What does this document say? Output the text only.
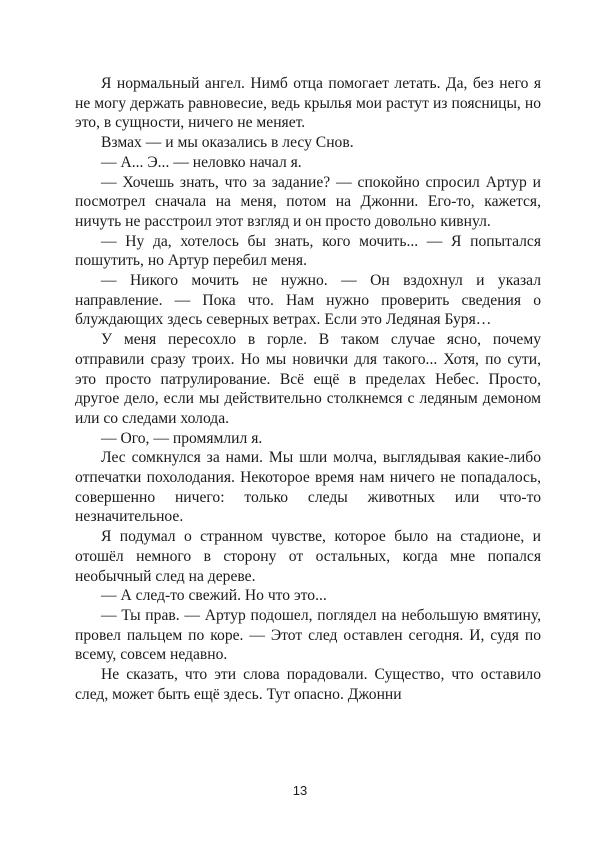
Я нормальный ангел. Нимб отца помогает летать. Да, без него я не могу держать равновесие, ведь крылья мои растут из поясницы, но это, в сущности, ничего не меняет.

Взмах — и мы оказались в лесу Снов.

— А... Э... — неловко начал я.

— Хочешь знать, что за задание? — спокойно спросил Артур и посмотрел сначала на меня, потом на Джонни. Его-то, кажется, ничуть не расстроил этот взгляд и он просто довольно кивнул.

— Ну да, хотелось бы знать, кого мочить... — Я попытался пошутить, но Артур перебил меня.

— Никого мочить не нужно. — Он вздохнул и указал направление. — Пока что. Нам нужно проверить сведения о блуждающих здесь северных ветрах. Если это Ледяная Буря…

У меня пересохло в горле. В таком случае ясно, почему отправили сразу троих. Но мы новички для такого... Хотя, по сути, это просто патрулирование. Всё ещё в пределах Небес. Просто, другое дело, если мы действительно столкнемся с ледяным демоном или со следами холода.

— Ого, — промямлил я.

Лес сомкнулся за нами. Мы шли молча, выглядывая какие-либо отпечатки похолодания. Некоторое время нам ничего не попадалось, совершенно ничего: только следы животных или что-то незначительное.

Я подумал о странном чувстве, которое было на стадионе, и отошёл немного в сторону от остальных, когда мне попался необычный след на дереве.

— А след-то свежий. Но что это...

— Ты прав. — Артур подошел, поглядел на небольшую вмятину, провел пальцем по коре. — Этот след оставлен сегодня. И, судя по всему, совсем недавно.

Не сказать, что эти слова порадовали. Существо, что оставило след, может быть ещё здесь. Тут опасно. Джонни

13
